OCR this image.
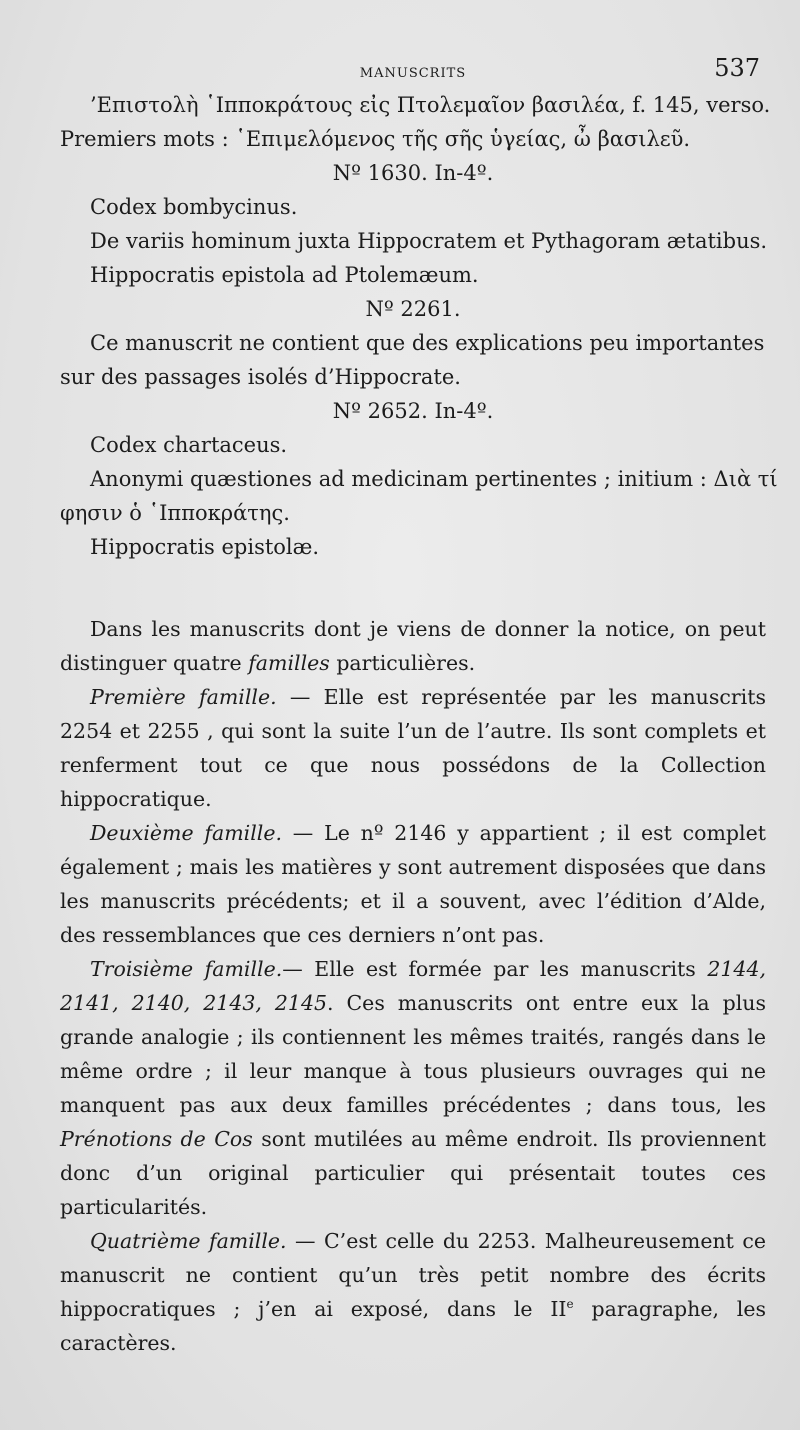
MANUSCRITS	537
’Επιστολὴ ῾Ιπποκράτους εἰς Πτολεμαῖον βασιλέα, f. 145, verso.
Premiers mots : ῾Επιμελόμενος τῆς σῆς ὑγείας, ὦ βασιλεῦ.
Nº 1630. In-4º.
Codex bombycinus.
De variis hominum juxta Hippocratem et Pythagoram ætatibus.
Hippocratis epistola ad Ptolemæum.
Nº 2261.
Ce manuscrit ne contient que des explications peu importantes
sur des passages isolés d’Hippocrate.
Nº 2652. In-4º.
Codex chartaceus.
Anonymi quæstiones ad medicinam pertinentes ; initium : Διὰ τί
φησιν ὁ ῾Ιπποκράτης.
Hippocratis epistolæ.

Dans les manuscrits dont je viens de donner la notice, on peut distinguer quatre familles particulières.

Première famille. — Elle est représentée par les manuscrits 2254 et 2255 , qui sont la suite l’un de l’autre. Ils sont complets et renferment tout ce que nous possédons de la Collection hippocratique.

Deuxième famille. — Le nº 2146 y appartient ; il est complet également ; mais les matières y sont autrement disposées que dans les manuscrits précédents; et il a souvent, avec l’édition d’Alde, des ressemblances que ces derniers n’ont pas.

Troisième famille.— Elle est formée par les manuscrits 2144, 2141, 2140, 2143, 2145. Ces manuscrits ont entre eux la plus grande analogie ; ils contiennent les mêmes traités, rangés dans le même ordre ; il leur manque à tous plusieurs ouvrages qui ne manquent pas aux deux familles précédentes ; dans tous, les Prénotions de Cos sont mutilées au même endroit. Ils proviennent donc d’un original particulier qui présentait toutes ces particularités.

Quatrième famille. — C’est celle du 2253. Malheureusement ce manuscrit ne contient qu’un très petit nombre des écrits hippocratiques ; j’en ai exposé, dans le IIe paragraphe, les caractères.
